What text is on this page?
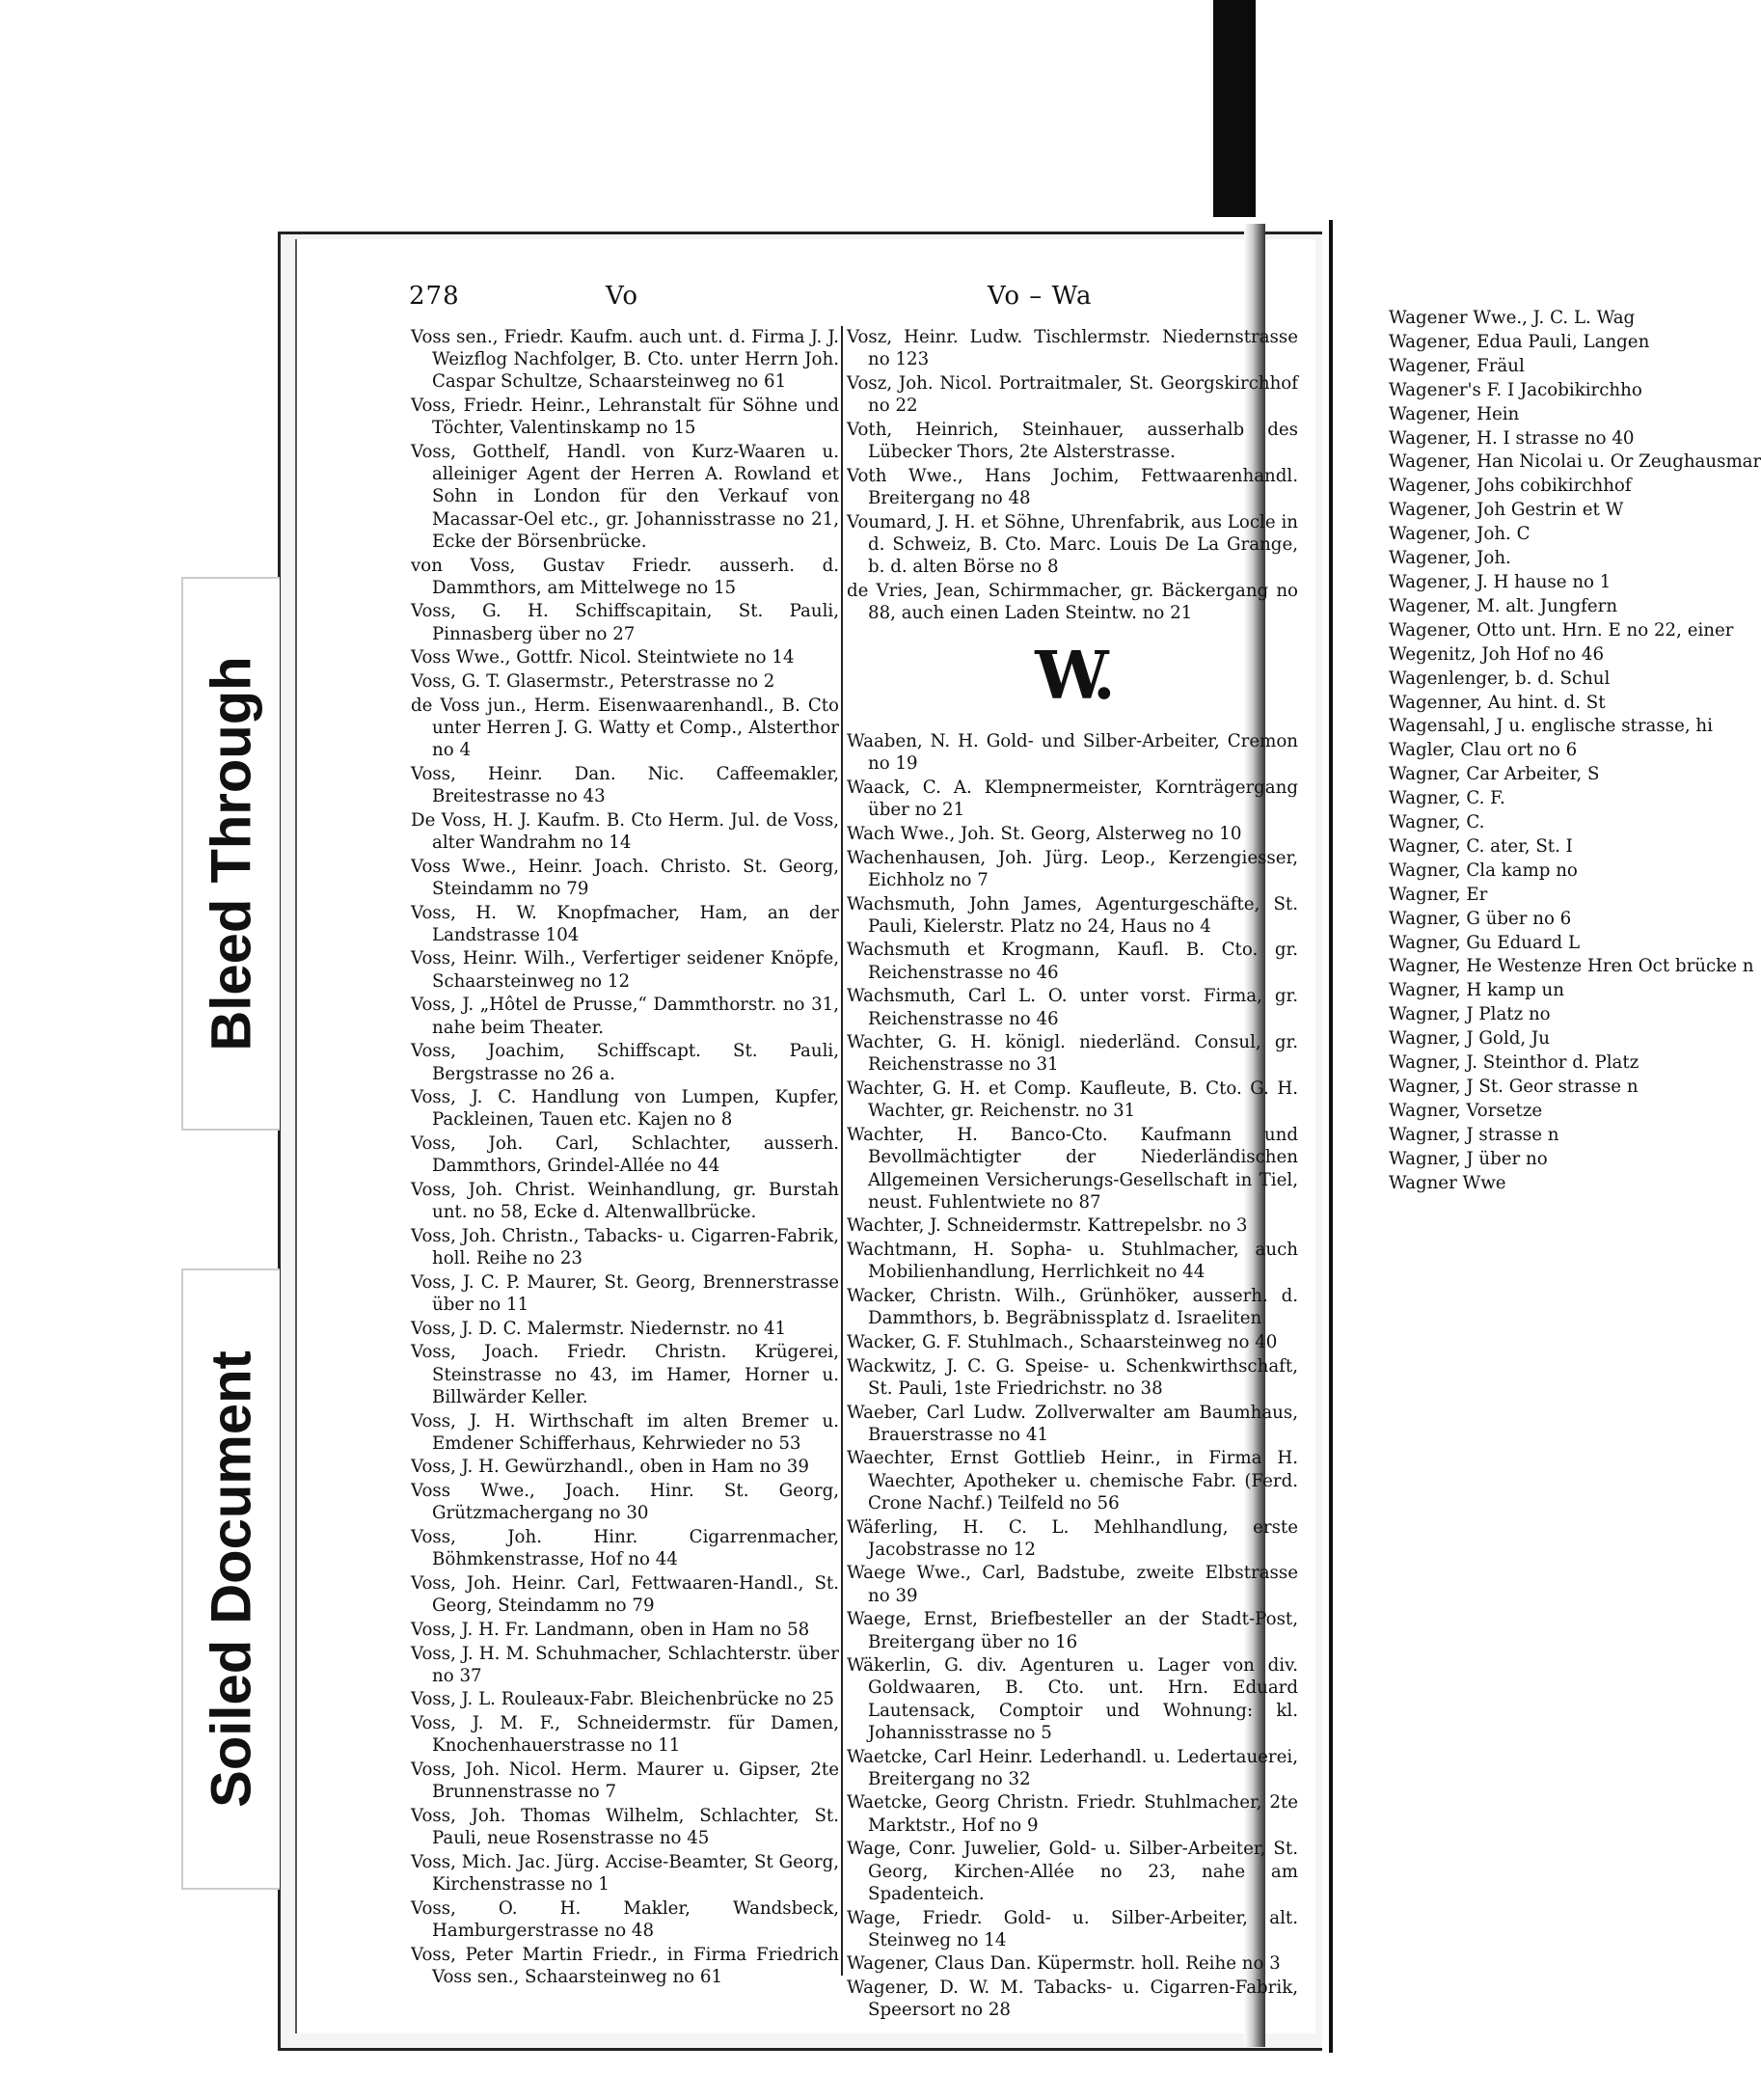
Bleed Through
Soiled Document
278	Vo	Vo – Wa
Voss sen., Friedr. Kaufm. auch unt. d. Firma J. J. Weizflog Nachfolger, B. Cto. unter Herrn Joh. Caspar Schultze, Schaarsteinweg no 61
Voss, Friedr. Heinr., Lehranstalt für Söhne und Töchter, Valentinskamp no 15
Voss, Gotthelf, Handl. von Kurz-Waaren u. alleiniger Agent der Herren A. Rowland et Sohn in London für den Verkauf von Macassar-Oel etc., gr. Johannisstrasse no 21, Ecke der Börsenbrücke.
von Voss, Gustav Friedr. ausserh. d. Dammthors, am Mittelwege no 15
Voss, G. H. Schiffscapitain, St. Pauli, Pinnasberg über no 27
Voss Wwe., Gottfr. Nicol. Steintwiete no 14
Voss, G. T. Glasermstr., Peterstrasse no 2
de Voss jun., Herm. Eisenwaarenhandl., B. Cto unter Herren J. G. Watty et Comp., Alsterthor no 4
Voss, Heinr. Dan. Nic. Caffeemakler, Breitestrasse no 43
De Voss, H. J. Kaufm. B. Cto Herm. Jul. de Voss, alter Wandrahm no 14
Voss Wwe., Heinr. Joach. Christo. St. Georg, Steindamm no 79
Voss, H. W. Knopfmacher, Ham, an der Landstrasse 104
Voss, Heinr. Wilh., Verfertiger seidener Knöpfe, Schaarsteinweg no 12
Voss, J. „Hôtel de Prusse,“ Dammthorstr. no 31, nahe beim Theater.
Voss, Joachim, Schiffscapt. St. Pauli, Bergstrasse no 26 a.
Voss, J. C. Handlung von Lumpen, Kupfer, Packleinen, Tauen etc. Kajen no 8
Voss, Joh. Carl, Schlachter, ausserh. Dammthors, Grindel-Allée no 44
Voss, Joh. Christ. Weinhandlung, gr. Burstah unt. no 58, Ecke d. Altenwallbrücke.
Voss, Joh. Christn., Tabacks- u. Cigarren-Fabrik, holl. Reihe no 23
Voss, J. C. P. Maurer, St. Georg, Brennerstrasse über no 11
Voss, J. D. C. Malermstr. Niedernstr. no 41
Voss, Joach. Friedr. Christn. Krügerei, Steinstrasse no 43, im Hamer, Horner u. Billwärder Keller.
Voss, J. H. Wirthschaft im alten Bremer u. Emdener Schifferhaus, Kehrwieder no 53
Voss, J. H. Gewürzhandl., oben in Ham no 39
Voss Wwe., Joach. Hinr. St. Georg, Grützmachergang no 30
Voss, Joh. Hinr. Cigarrenmacher, Böhmkenstrasse, Hof no 44
Voss, Joh. Heinr. Carl, Fettwaaren-Handl., St. Georg, Steindamm no 79
Voss, J. H. Fr. Landmann, oben in Ham no 58
Voss, J. H. M. Schuhmacher, Schlachterstr. über no 37
Voss, J. L. Rouleaux-Fabr. Bleichenbrücke no 25
Voss, J. M. F., Schneidermstr. für Damen, Knochenhauerstrasse no 11
Voss, Joh. Nicol. Herm. Maurer u. Gipser, 2te Brunnenstrasse no 7
Voss, Joh. Thomas Wilhelm, Schlachter, St. Pauli, neue Rosenstrasse no 45
Voss, Mich. Jac. Jürg. Accise-Beamter, St Georg, Kirchenstrasse no 1
Voss, O. H. Makler, Wandsbeck, Hamburgerstrasse no 48
Voss, Peter Martin Friedr., in Firma Friedrich Voss sen., Schaarsteinweg no 61
Vosz, Heinr. Ludw. Tischlermstr. Niedernstrasse no 123
Vosz, Joh. Nicol. Portraitmaler, St. Georgskirchhof no 22
Voth, Heinrich, Steinhauer, ausserhalb des Lübecker Thors, 2te Alsterstrasse.
Voth Wwe., Hans Jochim, Fettwaarenhandl. Breitergang no 48
Voumard, J. H. et Söhne, Uhrenfabrik, aus Locle in d. Schweiz, B. Cto. Marc. Louis De La Grange, b. d. alten Börse no 8
de Vries, Jean, Schirmmacher, gr. Bäckergang no 88, auch einen Laden Steintw. no 21
W.
Waaben, N. H. Gold- und Silber-Arbeiter, Cremon no 19
Waack, C. A. Klempnermeister, Kornträgergang über no 21
Wach Wwe., Joh. St. Georg, Alsterweg no 10
Wachenhausen, Joh. Jürg. Leop., Kerzengiesser, Eichholz no 7
Wachsmuth, John James, Agenturgeschäfte, St. Pauli, Kielerstr. Platz no 24, Haus no 4
Wachsmuth et Krogmann, Kaufl. B. Cto. gr. Reichenstrasse no 46
Wachsmuth, Carl L. O. unter vorst. Firma, gr. Reichenstrasse no 46
Wachter, G. H. königl. niederländ. Consul, gr. Reichenstrasse no 31
Wachter, G. H. et Comp. Kaufleute, B. Cto. G. H. Wachter, gr. Reichenstr. no 31
Wachter, H. Banco-Cto. Kaufmann und Bevollmächtigter der Niederländischen Allgemeinen Versicherungs-Gesellschaft in Tiel, neust. Fuhlentwiete no 87
Wachter, J. Schneidermstr. Kattrepelsbr. no 3
Wachtmann, H. Sopha- u. Stuhlmacher, auch Mobilienhandlung, Herrlichkeit no 44
Wacker, Christn. Wilh., Grünhöker, ausserh. d. Dammthors, b. Begräbnissplatz d. Israeliten
Wacker, G. F. Stuhlmach., Schaarsteinweg no 40
Wackwitz, J. C. G. Speise- u. Schenkwirthschaft, St. Pauli, 1ste Friedrichstr. no 38
Waeber, Carl Ludw. Zollverwalter am Baumhaus, Brauerstrasse no 41
Waechter, Ernst Gottlieb Heinr., in Firma H. Waechter, Apotheker u. chemische Fabr. (Ferd. Crone Nachf.) Teilfeld no 56
Wäferling, H. C. L. Mehlhandlung, erste Jacobstrasse no 12
Waege Wwe., Carl, Badstube, zweite Elbstrasse no 39
Waege, Ernst, Briefbesteller an der Stadt-Post, Breitergang über no 16
Wäkerlin, G. div. Agenturen u. Lager von div. Goldwaaren, B. Cto. unt. Hrn. Eduard Lautensack, Comptoir und Wohnung: kl. Johannisstrasse no 5
Waetcke, Carl Heinr. Lederhandl. u. Ledertauerei, Breitergang no 32
Waetcke, Georg Christn. Friedr. Stuhlmacher, 2te Marktstr., Hof no 9
Wage, Conr. Juwelier, Gold- u. Silber-Arbeiter, St. Georg, Kirchen-Allée no 23, nahe am Spadenteich.
Wage, Friedr. Gold- u. Silber-Arbeiter, alt. Steinweg no 14
Wagener, Claus Dan. Küpermstr. holl. Reihe no 3
Wagener, D. W. M. Tabacks- u. Cigarren-Fabrik, Speersort no 28
Wagener Wwe., J. C. L. Wag
Wagener, Edua Pauli, Langen
Wagener, Fräul
Wagener's F. I Jacobikirchho
Wagener, Hein
Wagener, H. I strasse no 40
Wagener, Han Nicolai u. Or Zeughausmar
Wagener, Johs cobikirchhof
Wagener, Joh Gestrin et W
Wagener, Joh. C
Wagener, Joh.
Wagener, J. H hause no 1
Wagener, M. alt. Jungfern
Wagener, Otto unt. Hrn. E no 22, einer
Wegenitz, Joh Hof no 46
Wagenlenger, b. d. Schul
Wagenner, Au hint. d. St
Wagensahl, J u. englische strasse, hi
Wagler, Clau ort no 6
Wagner, Car Arbeiter, S
Wagner, C. F.
Wagner, C.
Wagner, C. ater, St. I
Wagner, Cla kamp no
Wagner, Er
Wagner, G über no 6
Wagner, Gu Eduard L
Wagner, He Westenze Hren Oct brücke n
Wagner, H kamp un
Wagner, J Platz no
Wagner, J Gold, Ju
Wagner, J. Steinthor d. Platz
Wagner, J St. Geor strasse n
Wagner, Vorsetze
Wagner, J strasse n
Wagner, J über no
Wagner Wwe
